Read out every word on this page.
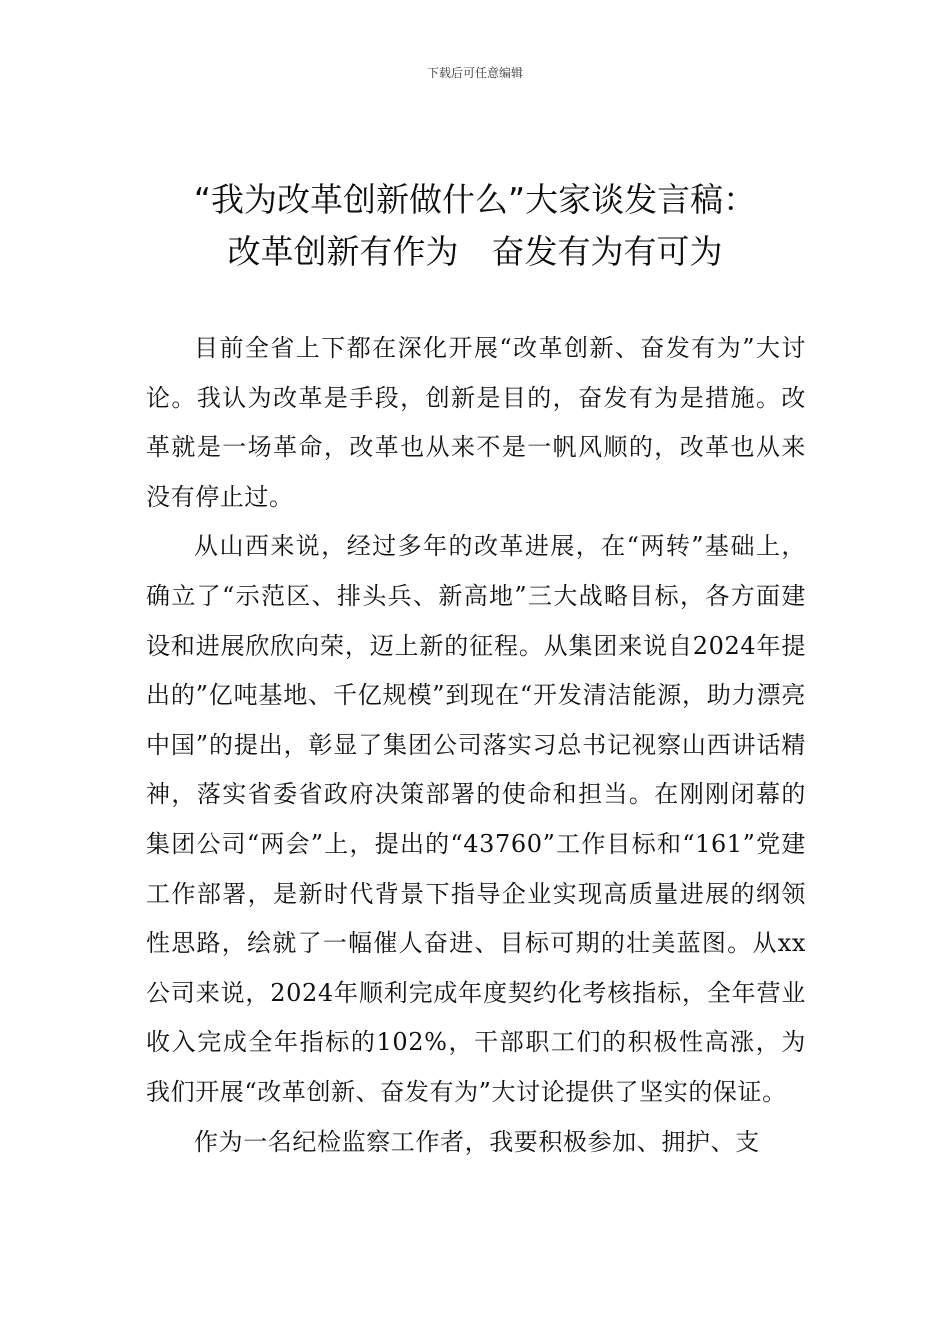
下载后可任意编辑
“我为改革创新做什么”大家谈发言稿：
改革创新有作为　奋发有为有可为

目前全省上下都在深化开展“改革创新、奋发有为”大讨论。我认为改革是手段，创新是目的，奋发有为是措施。改革就是一场革命，改革也从来不是一帆风顺的，改革也从来没有停止过。

从山西来说，经过多年的改革进展，在“两转”基础上，确立了“示范区、排头兵、新高地”三大战略目标，各方面建设和进展欣欣向荣，迈上新的征程。从集团来说自2024年提出的”亿吨基地、千亿规模”到现在“开发清洁能源，助力漂亮中国”的提出，彰显了集团公司落实习总书记视察山西讲话精神，落实省委省政府决策部署的使命和担当。在刚刚闭幕的集团公司“两会”上，提出的“43760”工作目标和“161”党建工作部署，是新时代背景下指导企业实现高质量进展的纲领性思路，绘就了一幅催人奋进、目标可期的壮美蓝图。从xx公司来说，2024年顺利完成年度契约化考核指标，全年营业收入完成全年指标的102%，干部职工们的积极性高涨，为我们开展“改革创新、奋发有为”大讨论提供了坚实的保证。

作为一名纪检监察工作者，我要积极参加、拥护、支
